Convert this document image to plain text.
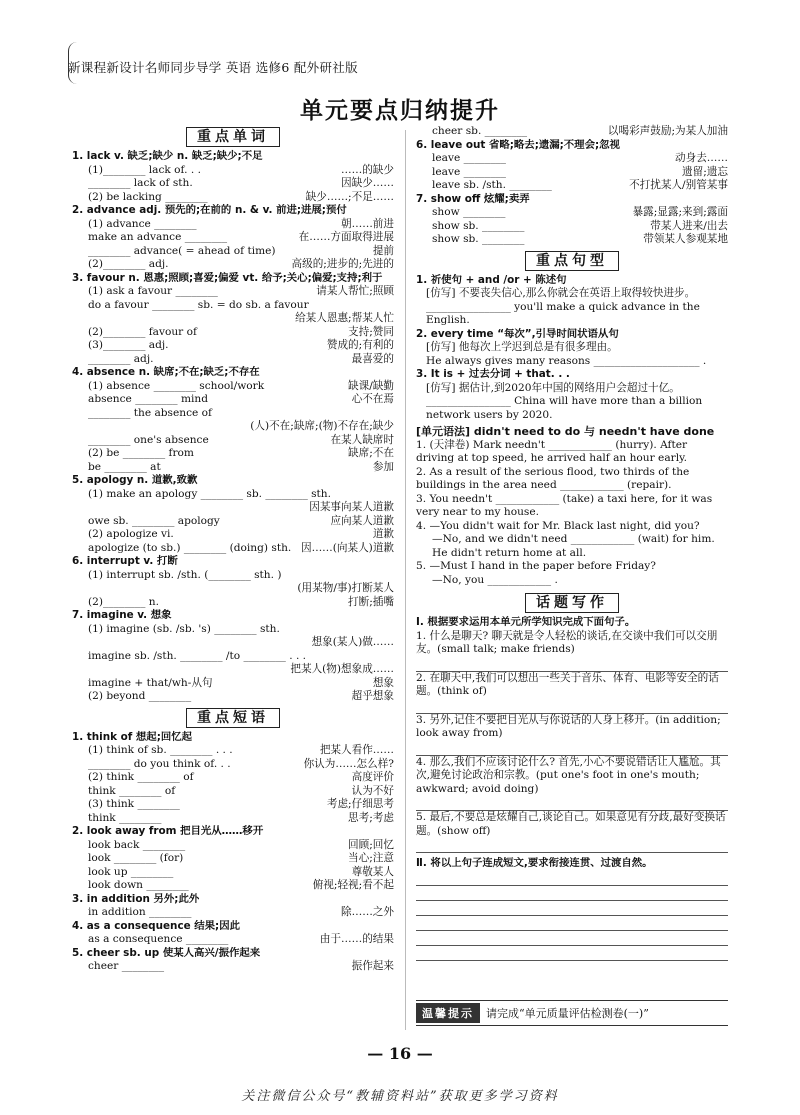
新课程新设计名师同步导学 英语 选修6 配外研社版
单元要点归纳提升
重点单词
1. lack v. 缺乏;缺少 n. 缺乏;缺少;不足
(1)________ lack of. . .	……的缺少
________ lack of sth.	因缺少……
(2) be lacking ________	缺少……;不足……
2. advance adj. 预先的;在前的 n. & v. 前进;进展;预付
(1) advance ________	朝……前进
make an advance ________	在……方面取得进展
________ advance( = ahead of time)	提前
(2)________ adj.	高级的;进步的;先进的
3. favour n. 恩惠;照顾;喜爱;偏爱 vt. 给予;关心;偏爱;支持;利于
(1) ask a favour ________	请某人帮忙;照顾
do a favour ________ sb. = do sb. a favour
给某人恩惠;帮某人忙
(2)________ favour of	支持;赞同
(3)________ adj.	赞成的;有利的
________ adj.	最喜爱的
4. absence n. 缺席;不在;缺乏;不存在
(1) absence ________ school/work	缺课/缺勤
absence ________ mind	心不在焉
________ the absence of
(人)不在;缺席;(物)不存在;缺少
________ one's absence	在某人缺席时
(2) be ________ from	缺席;不在
be ________ at	参加
5. apology n. 道歉,致歉
(1) make an apology ________ sb. ________ sth.
因某事向某人道歉
owe sb. ________ apology	应向某人道歉
(2) apologize vi.	道歉
apologize (to sb.) ________ (doing) sth. 因……(向某人)道歉
6. interrupt v. 打断
(1) interrupt sb. /sth. (________ sth. )
(用某物/事)打断某人
(2)________ n.	打断;插嘴
7. imagine v. 想象
(1) imagine (sb. /sb. 's) ________ sth.
想象(某人)做……
imagine sb. /sth. ________ /to ________ . . .
把某人(物)想象成……
imagine + that/wh-从句	想象
(2) beyond ________	超乎想象
重点短语
1. think of 想起;回忆起
(1) think of sb. ________ . . .	把某人看作……
________ do you think of. . .	你认为……怎么样?
(2) think ________ of	高度评价
think ________ of	认为不好
(3) think ________	考虑;仔细思考
think ________	思考;考虑
2. look away from 把目光从……移开
look back ________	回顾;回忆
look ________ (for)	当心;注意
look up ________	尊敬某人
look down ________	俯视;轻视;看不起
3. in addition 另外;此外
in addition ________	除……之外
4. as a consequence 结果;因此
as a consequence ________	由于……的结果
5. cheer sb. up 使某人高兴/振作起来
cheer ________	振作起来
cheer sb. ________	以喝彩声鼓励;为某人加油
6. leave out 省略;略去;遗漏;不理会;忽视
leave ________	动身去……
leave ________	遗留;遗忘
leave sb. /sth. ________	不打扰某人/别管某事
7. show off 炫耀;卖弄
show ________	暴露;显露;来到;露面
show sb. ________	带某人进来/出去
show sb. ________	带领某人参观某地
重点句型
1. 祈使句 + and /or + 陈述句
[仿写] 不要丧失信心,那么你就会在英语上取得较快进步。
________________ you'll make a quick advance in the English.
2. every time “每次”,引导时间状语从句
[仿写] 他每次上学迟到总是有很多理由。
He always gives many reasons ____________________ .
3. It is + 过去分词 + that. . .
[仿写] 据估计,到2020年中国的网络用户会超过十亿。
________________ China will have more than a billion network users by 2020.
[单元语法] didn't need to do 与 needn't have done
1. (天津卷) Mark needn't ____________ (hurry). After driving at top speed, he arrived half an hour early.
2. As a result of the serious flood, two thirds of the buildings in the area need ____________ (repair).
3. You needn't ____________ (take) a taxi here, for it was very near to my house.
4. —You didn't wait for Mr. Black last night, did you?
—No, and we didn't need ____________ (wait) for him. He didn't return home at all.
5. —Must I hand in the paper before Friday?
—No, you ____________ .
话题写作
Ⅰ. 根据要求运用本单元所学知识完成下面句子。
1. 什么是聊天? 聊天就是令人轻松的谈话,在交谈中我们可以交朋友。(small talk; make friends)
2. 在聊天中,我们可以想出一些关于音乐、体育、电影等安全的话题。(think of)
3. 另外,记住不要把目光从与你说话的人身上移开。(in addition; look away from)
4. 那么,我们不应该讨论什么? 首先,小心不要说错话让人尴尬。其次,避免讨论政治和宗教。(put one's foot in one's mouth; awkward; avoid doing)
5. 最后,不要总是炫耀自己,谈论自己。如果意见有分歧,最好变换话题。(show off)
Ⅱ. 将以上句子连成短文,要求衔接连贯、过渡自然。
温馨提示	请完成“单元质量评估检测卷(一)”
— 16 —
关注微信公众号“教辅资料站”获取更多学习资料
